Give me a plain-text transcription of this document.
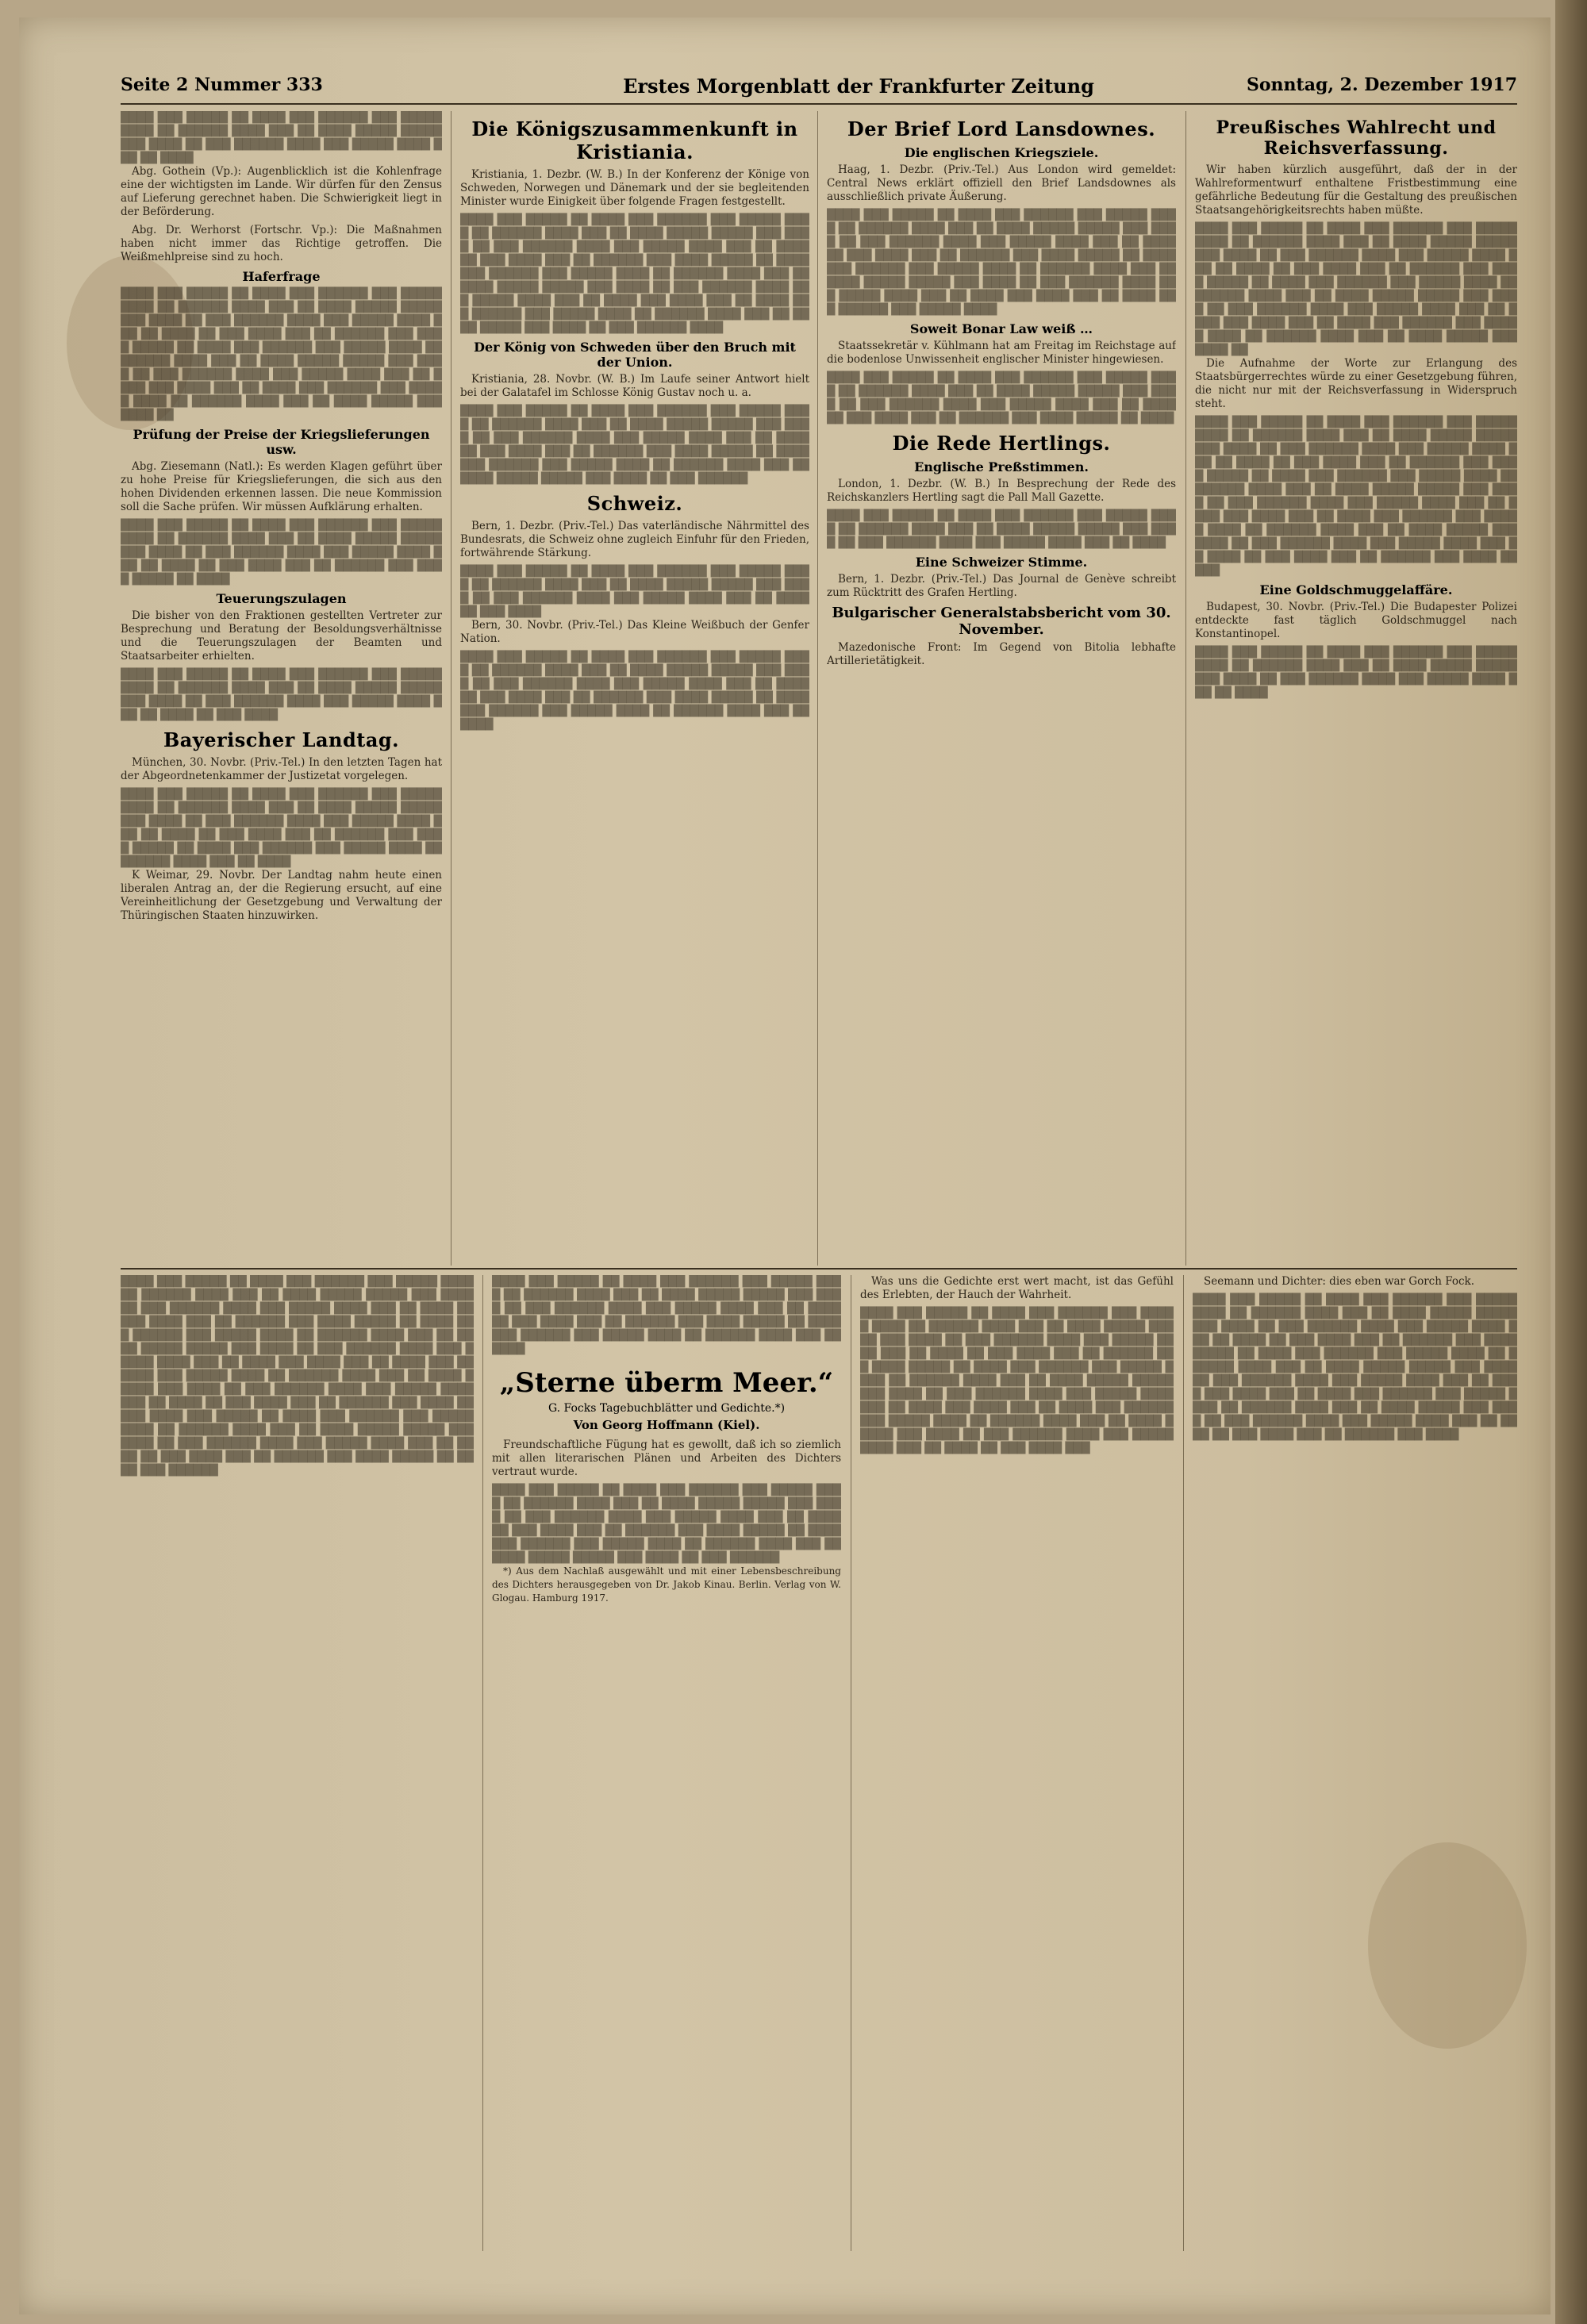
Seite 2 Nummer 333	Erstes Morgenblatt der Frankfurter Zeitung	Sonntag, 2. Dezember 1917

████ ███ █████ ██ ████ ███ ██████ ███ █████ ████ ██ ██████ ████ ███ ██ ████ █████ █████ ███ ████ ██ ███ ██████ ████ ███ █████ ████ ███ ██ ████

Abg. Gothein (Vp.): Augenblicklich ist die Kohlenfrage eine der wichtigsten im Lande. Wir dürfen für den Zensus auf Lieferung gerechnet haben. Die Schwierigkeit liegt in der Beförderung.

Abg. Dr. Werhorst (Fortschr. Vp.): Die Maßnahmen haben nicht immer das Richtige getroffen. Die Weißmehlpreise sind zu hoch.

Haferfrage

████ ███ █████ ██ ████ ███ ██████ ███ █████ ████ ██ ██████ ████ ███ ██ ████ █████ █████ ███ ████ ██ ███ ██████ ████ ███ █████ ████ ███ ██ ████ ██ ███ ████ ███ ██ ██████ ███ ████ █████ ██ ████ ███ ██████ ███ █████ ████ ██ ██████ ████ ███ ██ ████ █████ █████ ███ ████ ██ ███ ██████ ████ ███ █████ ████ ███ ██ ████ ███ ████ ███ ██ ████ ███ ██████ ███ █████ ████ ██ ██████ ████ ███ ██ ████ █████ ███ ████ ██

Prüfung der Preise der Kriegslieferungen usw.

Abg. Ziesemann (Natl.): Es werden Klagen geführt über zu hohe Preise für Kriegslieferungen, die sich aus den hohen Dividenden erkennen lassen. Die neue Kommission soll die Sache prüfen. Wir müssen Aufklärung erhalten.

████ ███ █████ ██ ████ ███ ██████ ███ █████ ████ ██ ██████ ████ ███ ██ ████ █████ █████ ███ ████ ██ ███ ██████ ████ ███ █████ ████ ███ ██ ████ ██ ███ ████ ███ ██ ██████ ███ ████ █████ ██ ████

Teuerungszulagen

Die bisher von den Fraktionen gestellten Vertreter zur Besprechung und Beratung der Besoldungsverhältnisse und die Teuerungszulagen der Beamten und Staatsarbeiter erhielten.

████ ███ █████ ██ ████ ███ ██████ ███ █████ ████ ██ ██████ ████ ███ ██ ████ █████ █████ ███ ████ ██ ███ ██████ ████ ███ █████ ████ ███ ██ ████ ██ ███ ████

Bayerischer Landtag.

München, 30. Novbr. (Priv.-Tel.) In den letzten Tagen hat der Abgeordnetenkammer der Justizetat vorgelegen.

████ ███ █████ ██ ████ ███ ██████ ███ █████ ████ ██ ██████ ████ ███ ██ ████ █████ █████ ███ ████ ██ ███ ██████ ████ ███ █████ ████ ███ ██ ████ ██ ███ ████ ███ ██ ██████ ███ ████ █████ ██ ████ ███ ██████ ███ █████ ████ ██ ██████ ████ ███ ██ ████

K Weimar, 29. Novbr. Der Landtag nahm heute einen liberalen Antrag an, der die Regierung ersucht, auf eine Vereinheitlichung der Gesetzgebung und Verwaltung der Thüringischen Staaten hinzuwirken.

Die Königszusammenkunft in Kristiania.

Kristiania, 1. Dezbr. (W. B.) In der Konferenz der Könige von Schweden, Norwegen und Dänemark und der sie begleitenden Minister wurde Einigkeit über folgende Fragen festgestellt.

████ ███ █████ ██ ████ ███ ██████ ███ █████ ████ ██ ██████ ████ ███ ██ ████ █████ █████ ███ ████ ██ ███ ██████ ████ ███ █████ ████ ███ ██ ████ ██ ███ ████ ███ ██ ██████ ███ ████ █████ ██ ████ ███ ██████ ███ █████ ████ ██ ██████ ████ ███ ██ ████ █████ █████ ███ ████ ██ ███ ██████ ████ ███ █████ ████ ███ ██ ████ ███ ████ ███ ██ ████ ███ ██████ ███ █████ ████ ██ ██████ ████ ███ ██ ████ █████ ███ ████ ██ ███ ██████ ████

Der König von Schweden über den Bruch mit der Union.

Kristiania, 28. Novbr. (W. B.) Im Laufe seiner Antwort hielt bei der Galatafel im Schlosse König Gustav noch u. a.

████ ███ █████ ██ ████ ███ ██████ ███ █████ ████ ██ ██████ ████ ███ ██ ████ █████ █████ ███ ████ ██ ███ ██████ ████ ███ █████ ████ ███ ██ ████ ██ ███ ████ ███ ██ ██████ ███ ████ █████ ██ ████ ███ ██████ ███ █████ ████ ██ ██████ ████ ███ ██ ████ █████ █████ ███ ████ ██ ███ ██████

Schweiz.

Bern, 1. Dezbr. (Priv.-Tel.) Das vaterländische Nährmittel des Bundesrats, die Schweiz ohne zugleich Einfuhr für den Frieden, fortwährende Stärkung.

████ ███ █████ ██ ████ ███ ██████ ███ █████ ████ ██ ██████ ████ ███ ██ ████ █████ █████ ███ ████ ██ ███ ██████ ████ ███ █████ ████ ███ ██ ████ ██ ███ ████

Bern, 30. Novbr. (Priv.-Tel.) Das Kleine Weißbuch der Genfer Nation.

████ ███ █████ ██ ████ ███ ██████ ███ █████ ████ ██ ██████ ████ ███ ██ ████ █████ █████ ███ ████ ██ ███ ██████ ████ ███ █████ ████ ███ ██ ████ ██ ███ ████ ███ ██ ██████ ███ ████ █████ ██ ████ ███ ██████ ███ █████ ████ ██ ██████ ████ ███ ██ ████

Der Brief Lord Lansdownes.
Die englischen Kriegsziele.

Haag, 1. Dezbr. (Priv.-Tel.) Aus London wird gemeldet: Central News erklärt offiziell den Brief Landsdownes als ausschließlich private Äußerung.

████ ███ █████ ██ ████ ███ ██████ ███ █████ ████ ██ ██████ ████ ███ ██ ████ █████ █████ ███ ████ ██ ███ ██████ ████ ███ █████ ████ ███ ██ ████ ██ ███ ████ ███ ██ ██████ ███ ████ █████ ██ ████ ███ ██████ ███ █████ ████ ██ ██████ ████ ███ ██ ████ █████ █████ ███ ████ ██ ███ ██████ ████ ███ █████ ████ ███ ██ ████ ███ ████ ███ ██ ████ ███ ██████ ███ █████ ████

Soweit Bonar Law weiß …

Staatssekretär v. Kühlmann hat am Freitag im Reichstage auf die bodenlose Unwissenheit englischer Minister hingewiesen.

████ ███ █████ ██ ████ ███ ██████ ███ █████ ████ ██ ██████ ████ ███ ██ ████ █████ █████ ███ ████ ██ ███ ██████ ████ ███ █████ ████ ███ ██ ████ ██ ███ ████ ███ ██ ██████ ███ ████ █████ ██ ████

Die Rede Hertlings.
Englische Preßstimmen.

London, 1. Dezbr. (W. B.) In Besprechung der Rede des Reichskanzlers Hertling sagt die Pall Mall Gazette.

████ ███ █████ ██ ████ ███ ██████ ███ █████ ████ ██ ██████ ████ ███ ██ ████ █████ █████ ███ ████ ██ ███ ██████ ████ ███ █████ ████ ███ ██ ████

Eine Schweizer Stimme.

Bern, 1. Dezbr. (Priv.-Tel.) Das Journal de Genève schreibt zum Rücktritt des Grafen Hertling.

Bulgarischer Generalstabsbericht vom 30. November.

Mazedonische Front: Im Gegend von Bitolia lebhafte Artillerietätigkeit.

Preußisches Wahlrecht und Reichsverfassung.

Wir haben kürzlich ausgeführt, daß der in der Wahlreformentwurf enthaltene Fristbestimmung eine gefährliche Bedeutung für die Gestaltung des preußischen Staatsangehörigkeitsrechts haben müßte.

████ ███ █████ ██ ████ ███ ██████ ███ █████ ████ ██ ██████ ████ ███ ██ ████ █████ █████ ███ ████ ██ ███ ██████ ████ ███ █████ ████ ███ ██ ████ ██ ███ ████ ███ ██ ██████ ███ ████ █████ ██ ████ ███ ██████ ███ █████ ████ ██ ██████ ████ ███ ██ ████ █████ █████ ███ ████ ██ ███ ██████ ████ ███ █████ ████ ███ ██ ████ ███ ████ ███ ██ ████ ███ ██████ ███ █████ ████ ██ ██████ ████ ███ ██ ████ █████ ███ ████ ██

Die Aufnahme der Worte zur Erlangung des Staatsbürgerrechtes würde zu einer Gesetzgebung führen, die nicht nur mit der Reichsverfassung in Widerspruch steht.

████ ███ █████ ██ ████ ███ ██████ ███ █████ ████ ██ ██████ ████ ███ ██ ████ █████ █████ ███ ████ ██ ███ ██████ ████ ███ █████ ████ ███ ██ ████ ██ ███ ████ ███ ██ ██████ ███ ████ █████ ██ ████ ███ ██████ ███ █████ ████ ██ ██████ ████ ███ ██ ████ █████ █████ ███ ████ ██ ███ ██████ ████ ███ █████ ████ ███ ██ ████ ███ ████ ███ ██ ████ ███ ██████ ███ █████ ████ ██ ██████ ████ ███ ██ ████ █████ ███ ████ ██ ███ ██████ ████ ███ █████ ████ ███ ██ ████ ██ ███ ████ ███ ██ ██████ ███ ████ █████

Eine Goldschmuggelaffäre.

Budapest, 30. Novbr. (Priv.-Tel.) Die Budapester Polizei entdeckte fast täglich Goldschmuggel nach Konstantinopel.

████ ███ █████ ██ ████ ███ ██████ ███ █████ ████ ██ ██████ ████ ███ ██ ████ █████ █████ ███ ████ ██ ███ ██████ ████ ███ █████ ████ ███ ██ ████

████ ███ █████ ██ ████ ███ ██████ ███ █████ ████ ██ ██████ ████ ███ ██ ████ █████ █████ ███ ████ ██ ███ ██████ ████ ███ █████ ████ ███ ██ ████ ██ ███ ████ ███ ██ ██████ ███ ████ █████ ██ ████ ███ ██████ ███ █████ ████ ██ ██████ ████ ███ ██ ████ █████ █████ ███ ████ ██ ███ ██████ ████ ███ █████ ████ ███ ██ ████ ███ ████ ███ ██ ████ ███ ██████ ███ █████ ████ ██ ██████ ████ ███ ██ ████ █████ ███ ████ ██ ███ ██████ ████ ███ █████ ████ ███ ██ ████ ██ ███ ████ ███ ██ ██████ ███ ████ █████ ████ ███ █████ ██ ████ ███ ██████ ███ █████ ████ ██ ██████ ████ ███ ██ ████ █████ █████ ███ ████ ██ ███ ██████ ████ ███ █████ ████ ███ ██ ████ ██ ███ ████ ███ ██ ██████ ███ ████ █████ ██ ████ ███ ██████

████ ███ █████ ██ ████ ███ ██████ ███ █████ ████ ██ ██████ ████ ███ ██ ████ █████ █████ ███ ████ ██ ███ ██████ ████ ███ █████ ████ ███ ██ ████ ██ ███ ████ ███ ██ ██████ ███ ████ █████ ██ ████ ███ ██████ ███ █████ ████ ██ ██████ ████ ███ ██ ████

„Sterne überm Meer.“
G. Focks Tagebuchblätter und Gedichte.*)
Von Georg Hoffmann (Kiel).

Freundschaftliche Fügung hat es gewollt, daß ich so ziemlich mit allen literarischen Plänen und Arbeiten des Dichters vertraut wurde.

████ ███ █████ ██ ████ ███ ██████ ███ █████ ████ ██ ██████ ████ ███ ██ ████ █████ █████ ███ ████ ██ ███ ██████ ████ ███ █████ ████ ███ ██ ████ ██ ███ ████ ███ ██ ██████ ███ ████ █████ ██ ████ ███ ██████ ███ █████ ████ ██ ██████ ████ ███ ██ ████ █████ █████ ███ ████ ██ ███ ██████

*) Aus dem Nachlaß ausgewählt und mit einer Lebensbeschreibung des Dichters herausgegeben von Dr. Jakob Kinau. Berlin. Verlag von W. Glogau. Hamburg 1917.

Was uns die Gedichte erst wert macht, ist das Gefühl des Erlebten, der Hauch der Wahrheit.

████ ███ █████ ██ ████ ███ ██████ ███ █████ ████ ██ ██████ ████ ███ ██ ████ █████ █████ ███ ████ ██ ███ ██████ ████ ███ █████ ████ ███ ██ ████ ██ ███ ████ ███ ██ ██████ ███ ████ █████ ██ ████ ███ ██████ ███ █████ ████ ██ ██████ ████ ███ ██ ████ █████ █████ ███ ████ ██ ███ ██████ ████ ███ █████ ████ ███ ██ ████ ███ ████ ███ ██ ████ ███ ██████ ███ █████ ████ ██ ██████ ████ ███ ██ ████ █████ ███ ████ ██ ███ ██████ ████ ███ █████ ████ ███ ██ ████ ██ ███ ████ ███

Seemann und Dichter: dies eben war Gorch Fock.

████ ███ █████ ██ ████ ███ ██████ ███ █████ ████ ██ ██████ ████ ███ ██ ████ █████ █████ ███ ████ ██ ███ ██████ ████ ███ █████ ████ ███ ██ ████ ██ ███ ████ ███ ██ ██████ ███ ████ █████ ██ ████ ███ ██████ ███ █████ ████ ██ ██████ ████ ███ ██ ████ █████ █████ ███ ████ ██ ███ ██████ ████ ███ █████ ████ ███ ██ ████ ███ ████ ███ ██ ████ ███ ██████ ███ █████ ████ ██ ██████ ████ ███ ██ ████ █████ ███ ████ ██ ███ ██████ ████ ███ █████ ████ ███ ██ ████ ██ ███ ████ ███ ██ ██████ ███ ████
